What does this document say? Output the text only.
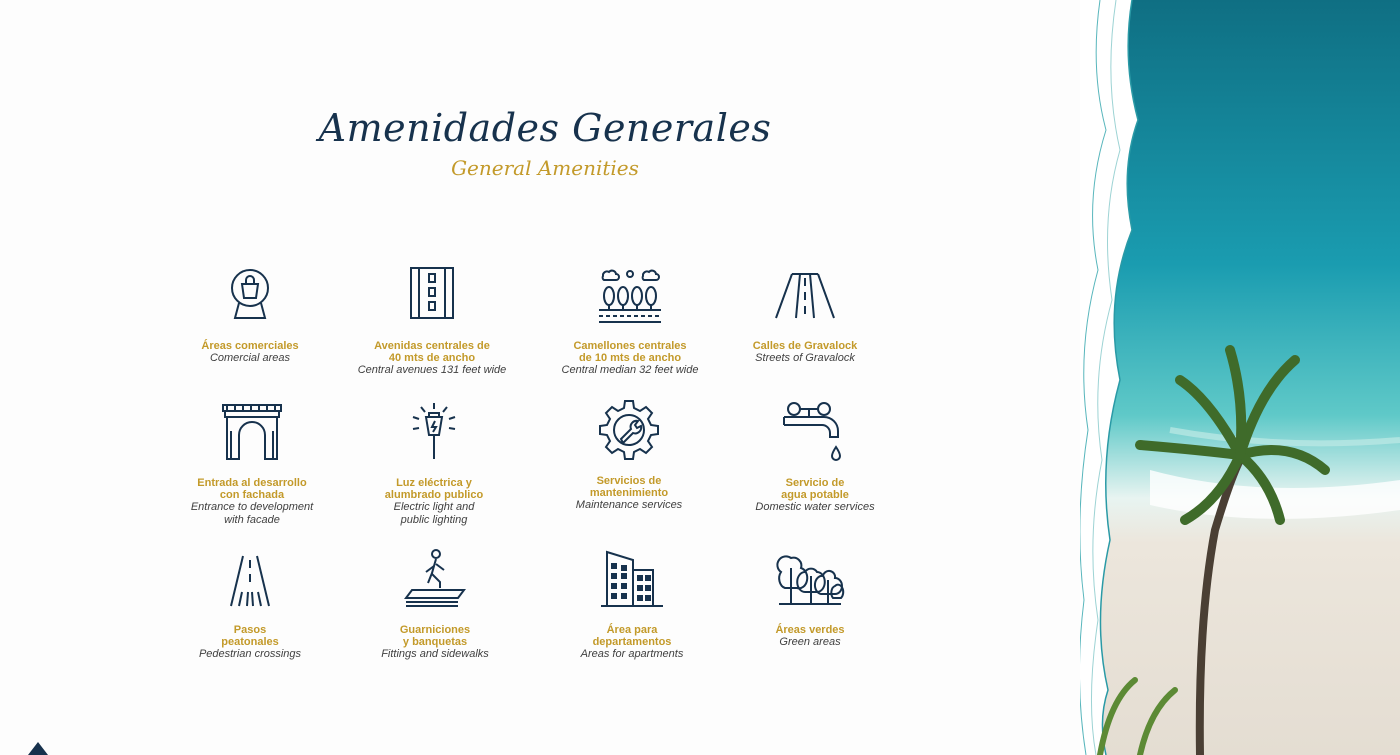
Amenidades Generales
General Amenities
Áreas comerciales
Comercial areas
Avenidas centrales de
40 mts de ancho
Central avenues 131 feet wide
Camellones centrales
de 10 mts de ancho
Central median 32 feet wide
Calles de Gravalock
Streets of Gravalock
Entrada al desarrollo
con fachada
Entrance to development
with facade
Luz eléctrica y
alumbrado publico
Electric light and
public lighting
Servicios de
mantenimiento
Maintenance services
Servicio de
agua potable
Domestic water services
Pasos
peatonales
Pedestrian crossings
Guarniciones
y banquetas
Fittings and sidewalks
Área para
departamentos
Areas for apartments
Áreas verdes
Green areas
